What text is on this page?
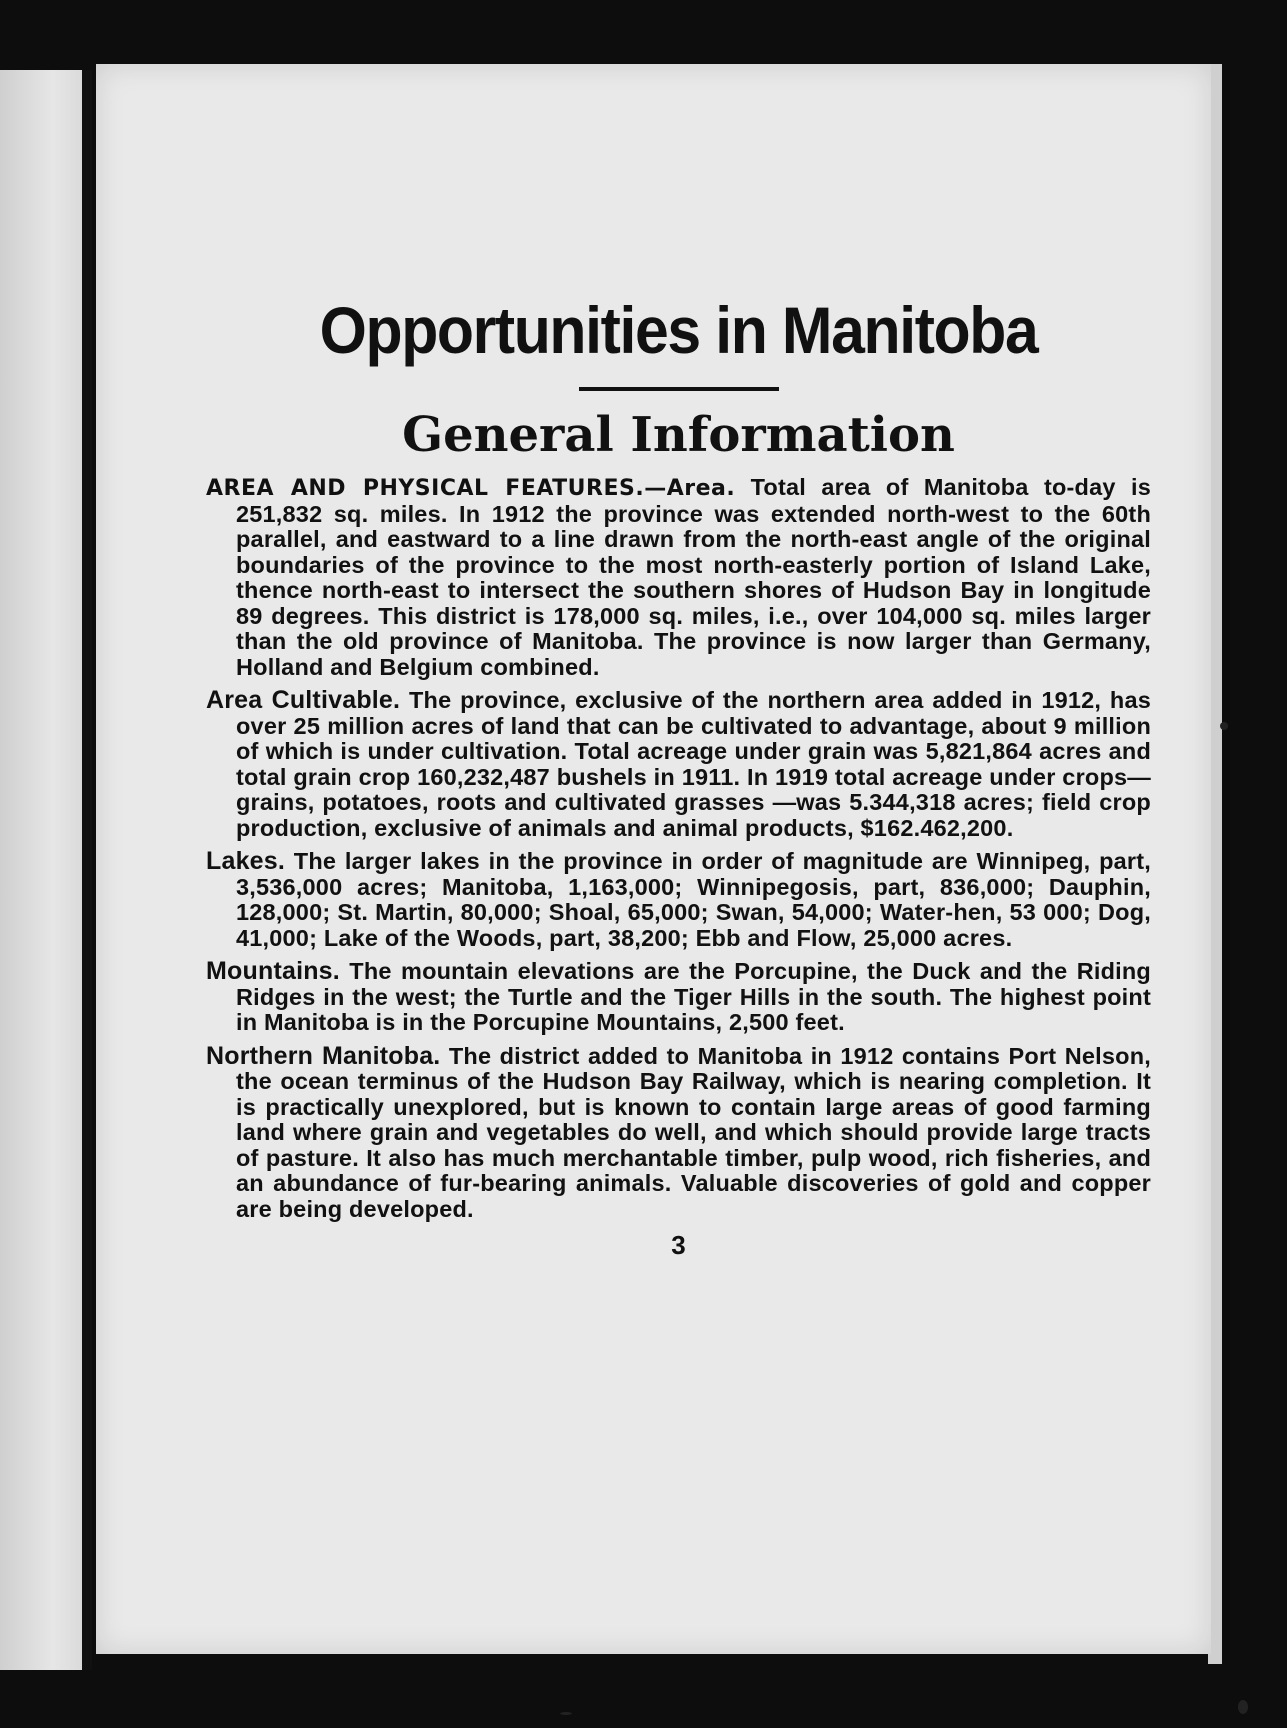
Opportunities in Manitoba
General Information

AREA AND PHYSICAL FEATURES.—Area. Total area of Manitoba to-day is 251,832 sq. miles. In 1912 the province was extended north-west to the 60th parallel, and eastward to a line drawn from the north-east angle of the original boundaries of the province to the most north-easterly portion of Island Lake, thence north-east to intersect the southern shores of Hudson Bay in longitude 89 degrees. This district is 178,000 sq. miles, i.e., over 104,000 sq. miles larger than the old province of Manitoba. The province is now larger than Germany, Holland and Belgium combined.

Area Cultivable. The province, exclusive of the northern area added in 1912, has over 25 million acres of land that can be cultivated to advantage, about 9 million of which is under cultivation. Total acreage under grain was 5,821,864 acres and total grain crop 160,232,487 bushels in 1911. In 1919 total acreage under crops—grains, potatoes, roots and cultivated grasses —was 5.344,318 acres; field crop production, exclusive of animals and animal products, $162.462,200.

Lakes. The larger lakes in the province in order of magnitude are Winnipeg, part, 3,536,000 acres; Manitoba, 1,163,000; Winnipegosis, part, 836,000; Dauphin, 128,000; St. Martin, 80,000; Shoal, 65,000; Swan, 54,000; Water-hen, 53 000; Dog, 41,000; Lake of the Woods, part, 38,200; Ebb and Flow, 25,000 acres.

Mountains. The mountain elevations are the Porcupine, the Duck and the Riding Ridges in the west; the Turtle and the Tiger Hills in the south. The highest point in Manitoba is in the Porcupine Mountains, 2,500 feet.

Northern Manitoba. The district added to Manitoba in 1912 contains Port Nelson, the ocean terminus of the Hudson Bay Railway, which is nearing completion. It is practically unexplored, but is known to contain large areas of good farming land where grain and vegetables do well, and which should provide large tracts of pasture. It also has much merchantable timber, pulp wood, rich fisheries, and an abundance of fur-bearing animals. Valuable discoveries of gold and copper are being developed.

3
